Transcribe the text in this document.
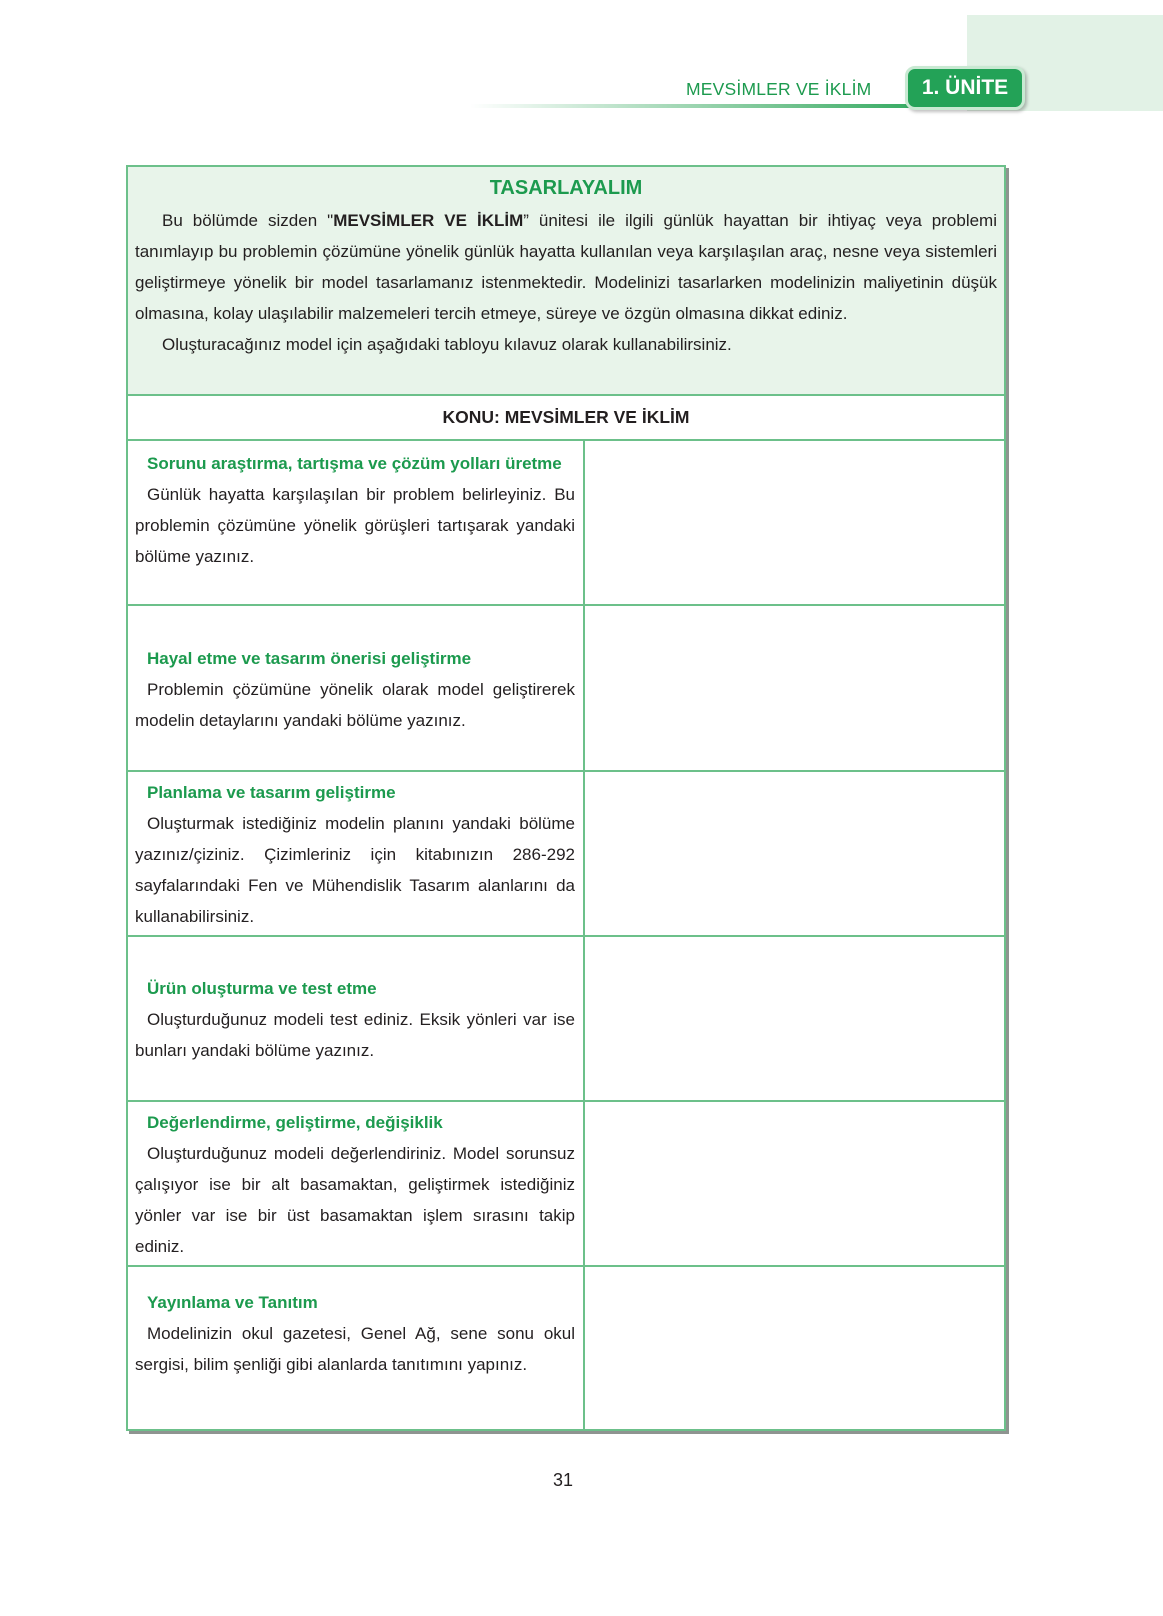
MEVSİMLER VE İKLİM	1. ÜNİTE
TASARLAYALIM

Bu bölümde sizden "MEVSİMLER VE İKLİM” ünitesi ile ilgili günlük hayattan bir ihtiyaç veya problemi tanımlayıp bu problemin çözümüne yönelik günlük hayatta kullanılan veya karşılaşılan araç, nesne veya sistemleri geliştirmeye yönelik bir model tasarlamanız istenmektedir. Modelinizi tasarlarken modelinizin maliyetinin düşük olmasına, kolay ulaşılabilir malzemeleri tercih etmeye, süreye ve özgün olmasına dikkat ediniz.

Oluşturacağınız model için aşağıdaki tabloyu kılavuz olarak kullanabilirsiniz.

KONU: MEVSİMLER VE İKLİM
Sorunu araştırma, tartışma ve çözüm yolları üretme
Günlük hayatta karşılaşılan bir problem belirleyiniz. Bu problemin çözümüne yönelik görüşleri tartışarak yandaki bölüme yazınız.
Hayal etme ve tasarım önerisi geliştirme
Problemin çözümüne yönelik olarak model geliştirerek modelin detaylarını yandaki bölüme yazınız.
Planlama ve tasarım geliştirme
Oluşturmak istediğiniz modelin planını yandaki bölüme yazınız/çiziniz. Çizimleriniz için kitabınızın 286-292 sayfalarındaki Fen ve Mühendislik Tasarım alanlarını da kullanabilirsiniz.
Ürün oluşturma ve test etme
Oluşturduğunuz modeli test ediniz. Eksik yönleri var ise bunları yandaki bölüme yazınız.
Değerlendirme, geliştirme, değişiklik
Oluşturduğunuz modeli değerlendiriniz. Model sorunsuz çalışıyor ise bir alt basamaktan, geliştirmek istediğiniz yönler var ise bir üst basamaktan işlem sırasını takip ediniz.
Yayınlama ve Tanıtım
Modelinizin okul gazetesi, Genel Ağ, sene sonu okul sergisi, bilim şenliği gibi alanlarda tanıtımını yapınız.
31
